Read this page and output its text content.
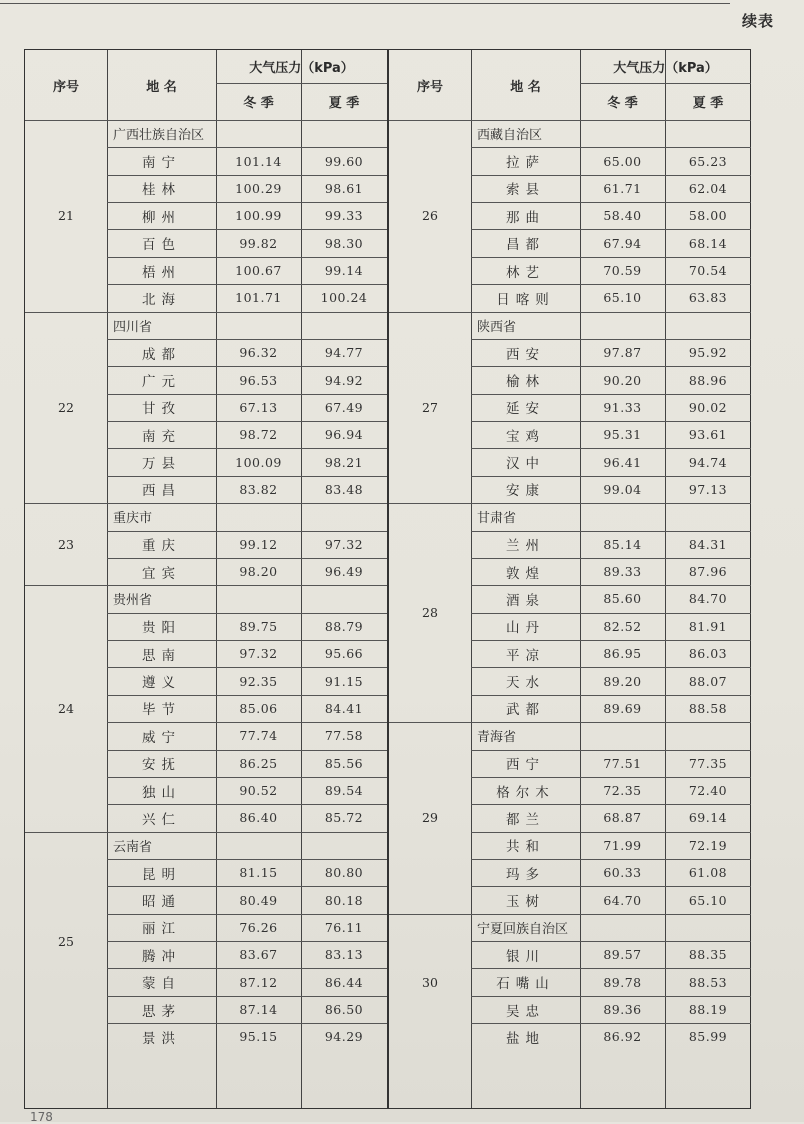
续表
序号	地 名
大气压力（kPa）
冬 季	夏 季
21
广西壮族自治区
南宁	101.14	99.60
桂林	100.29	98.61
柳州	100.99	99.33
百色	99.82	98.30
梧州	100.67	99.14
北海	101.71	100.24
22
四川省
成都	96.32	94.77
广元	96.53	94.92
甘孜	67.13	67.49
南充	98.72	96.94
万县	100.09	98.21
西昌	83.82	83.48
23
重庆市
重庆	99.12	97.32
宜宾	98.20	96.49
24
贵州省
贵阳	89.75	88.79
思南	97.32	95.66
遵义	92.35	91.15
毕节	85.06	84.41
威宁	77.74	77.58
安抚	86.25	85.56
独山	90.52	89.54
兴仁	86.40	85.72
25
云南省
昆明	81.15	80.80
昭通	80.49	80.18
丽江	76.26	76.11
腾冲	83.67	83.13
蒙自	87.12	86.44
思茅	87.14	86.50
景洪	95.15	94.29
序号	地 名
大气压力（kPa）
冬 季	夏 季
26
西藏自治区
拉萨	65.00	65.23
索县	61.71	62.04
那曲	58.40	58.00
昌都	67.94	68.14
林艺	70.59	70.54
日喀则	65.10	63.83
27
陕西省
西安	97.87	95.92
榆林	90.20	88.96
延安	91.33	90.02
宝鸡	95.31	93.61
汉中	96.41	94.74
安康	99.04	97.13
28
甘肃省
兰州	85.14	84.31
敦煌	89.33	87.96
酒泉	85.60	84.70
山丹	82.52	81.91
平凉	86.95	86.03
天水	89.20	88.07
武都	89.69	88.58
29
青海省
西宁	77.51	77.35
格尔木	72.35	72.40
都兰	68.87	69.14
共和	71.99	72.19
玛多	60.33	61.08
玉树	64.70	65.10
30
宁夏回族自治区
银川	89.57	88.35
石嘴山	89.78	88.53
吴忠	89.36	88.19
盐地	86.92	85.99
178
